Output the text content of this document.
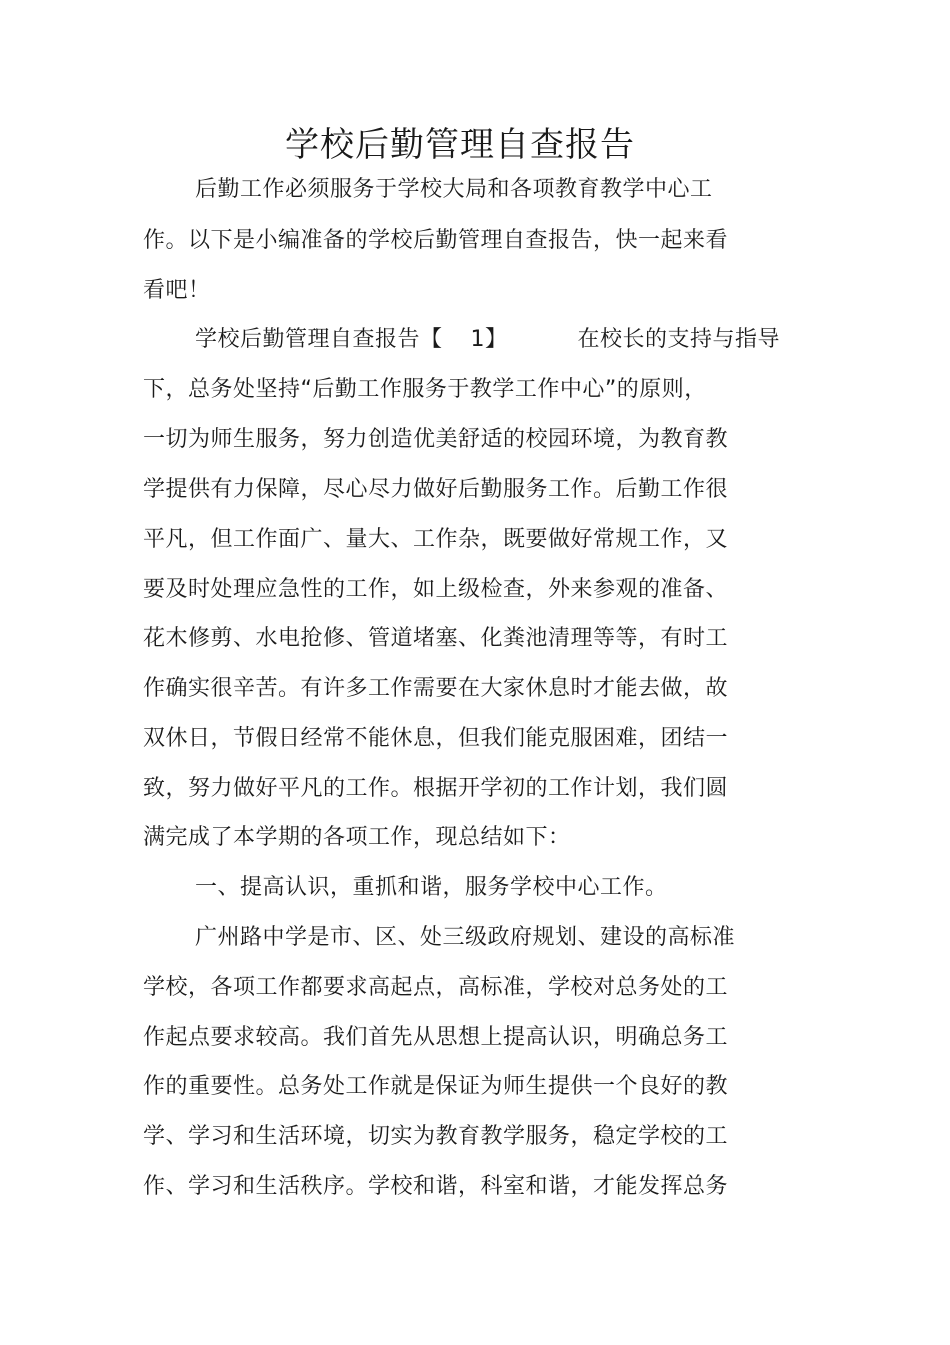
学校后勤管理自查报告
后勤工作必须服务于学校大局和各项教育教学中心工
作。以下是小编准备的学校后勤管理自查报告，快一起来看
看吧！
学校后勤管理自查报告【 1】	在校长的支持与指导
下，总务处坚持“后勤工作服务于教学工作中心”的原则，
一切为师生服务，努力创造优美舒适的校园环境，为教育教
学提供有力保障，尽心尽力做好后勤服务工作。后勤工作很
平凡，但工作面广、量大、工作杂，既要做好常规工作，又
要及时处理应急性的工作，如上级检查，外来参观的准备、
花木修剪、水电抢修、管道堵塞、化粪池清理等等，有时工
作确实很辛苦。有许多工作需要在大家休息时才能去做，故
双休日，节假日经常不能休息，但我们能克服困难，团结一
致，努力做好平凡的工作。根据开学初的工作计划，我们圆
满完成了本学期的各项工作，现总结如下：
一、提高认识，重抓和谐，服务学校中心工作。
广州路中学是市、区、处三级政府规划、建设的高标准
学校，各项工作都要求高起点，高标准，学校对总务处的工
作起点要求较高。我们首先从思想上提高认识，明确总务工
作的重要性。总务处工作就是保证为师生提供一个良好的教
学、学习和生活环境，切实为教育教学服务，稳定学校的工
作、学习和生活秩序。学校和谐，科室和谐，才能发挥总务
